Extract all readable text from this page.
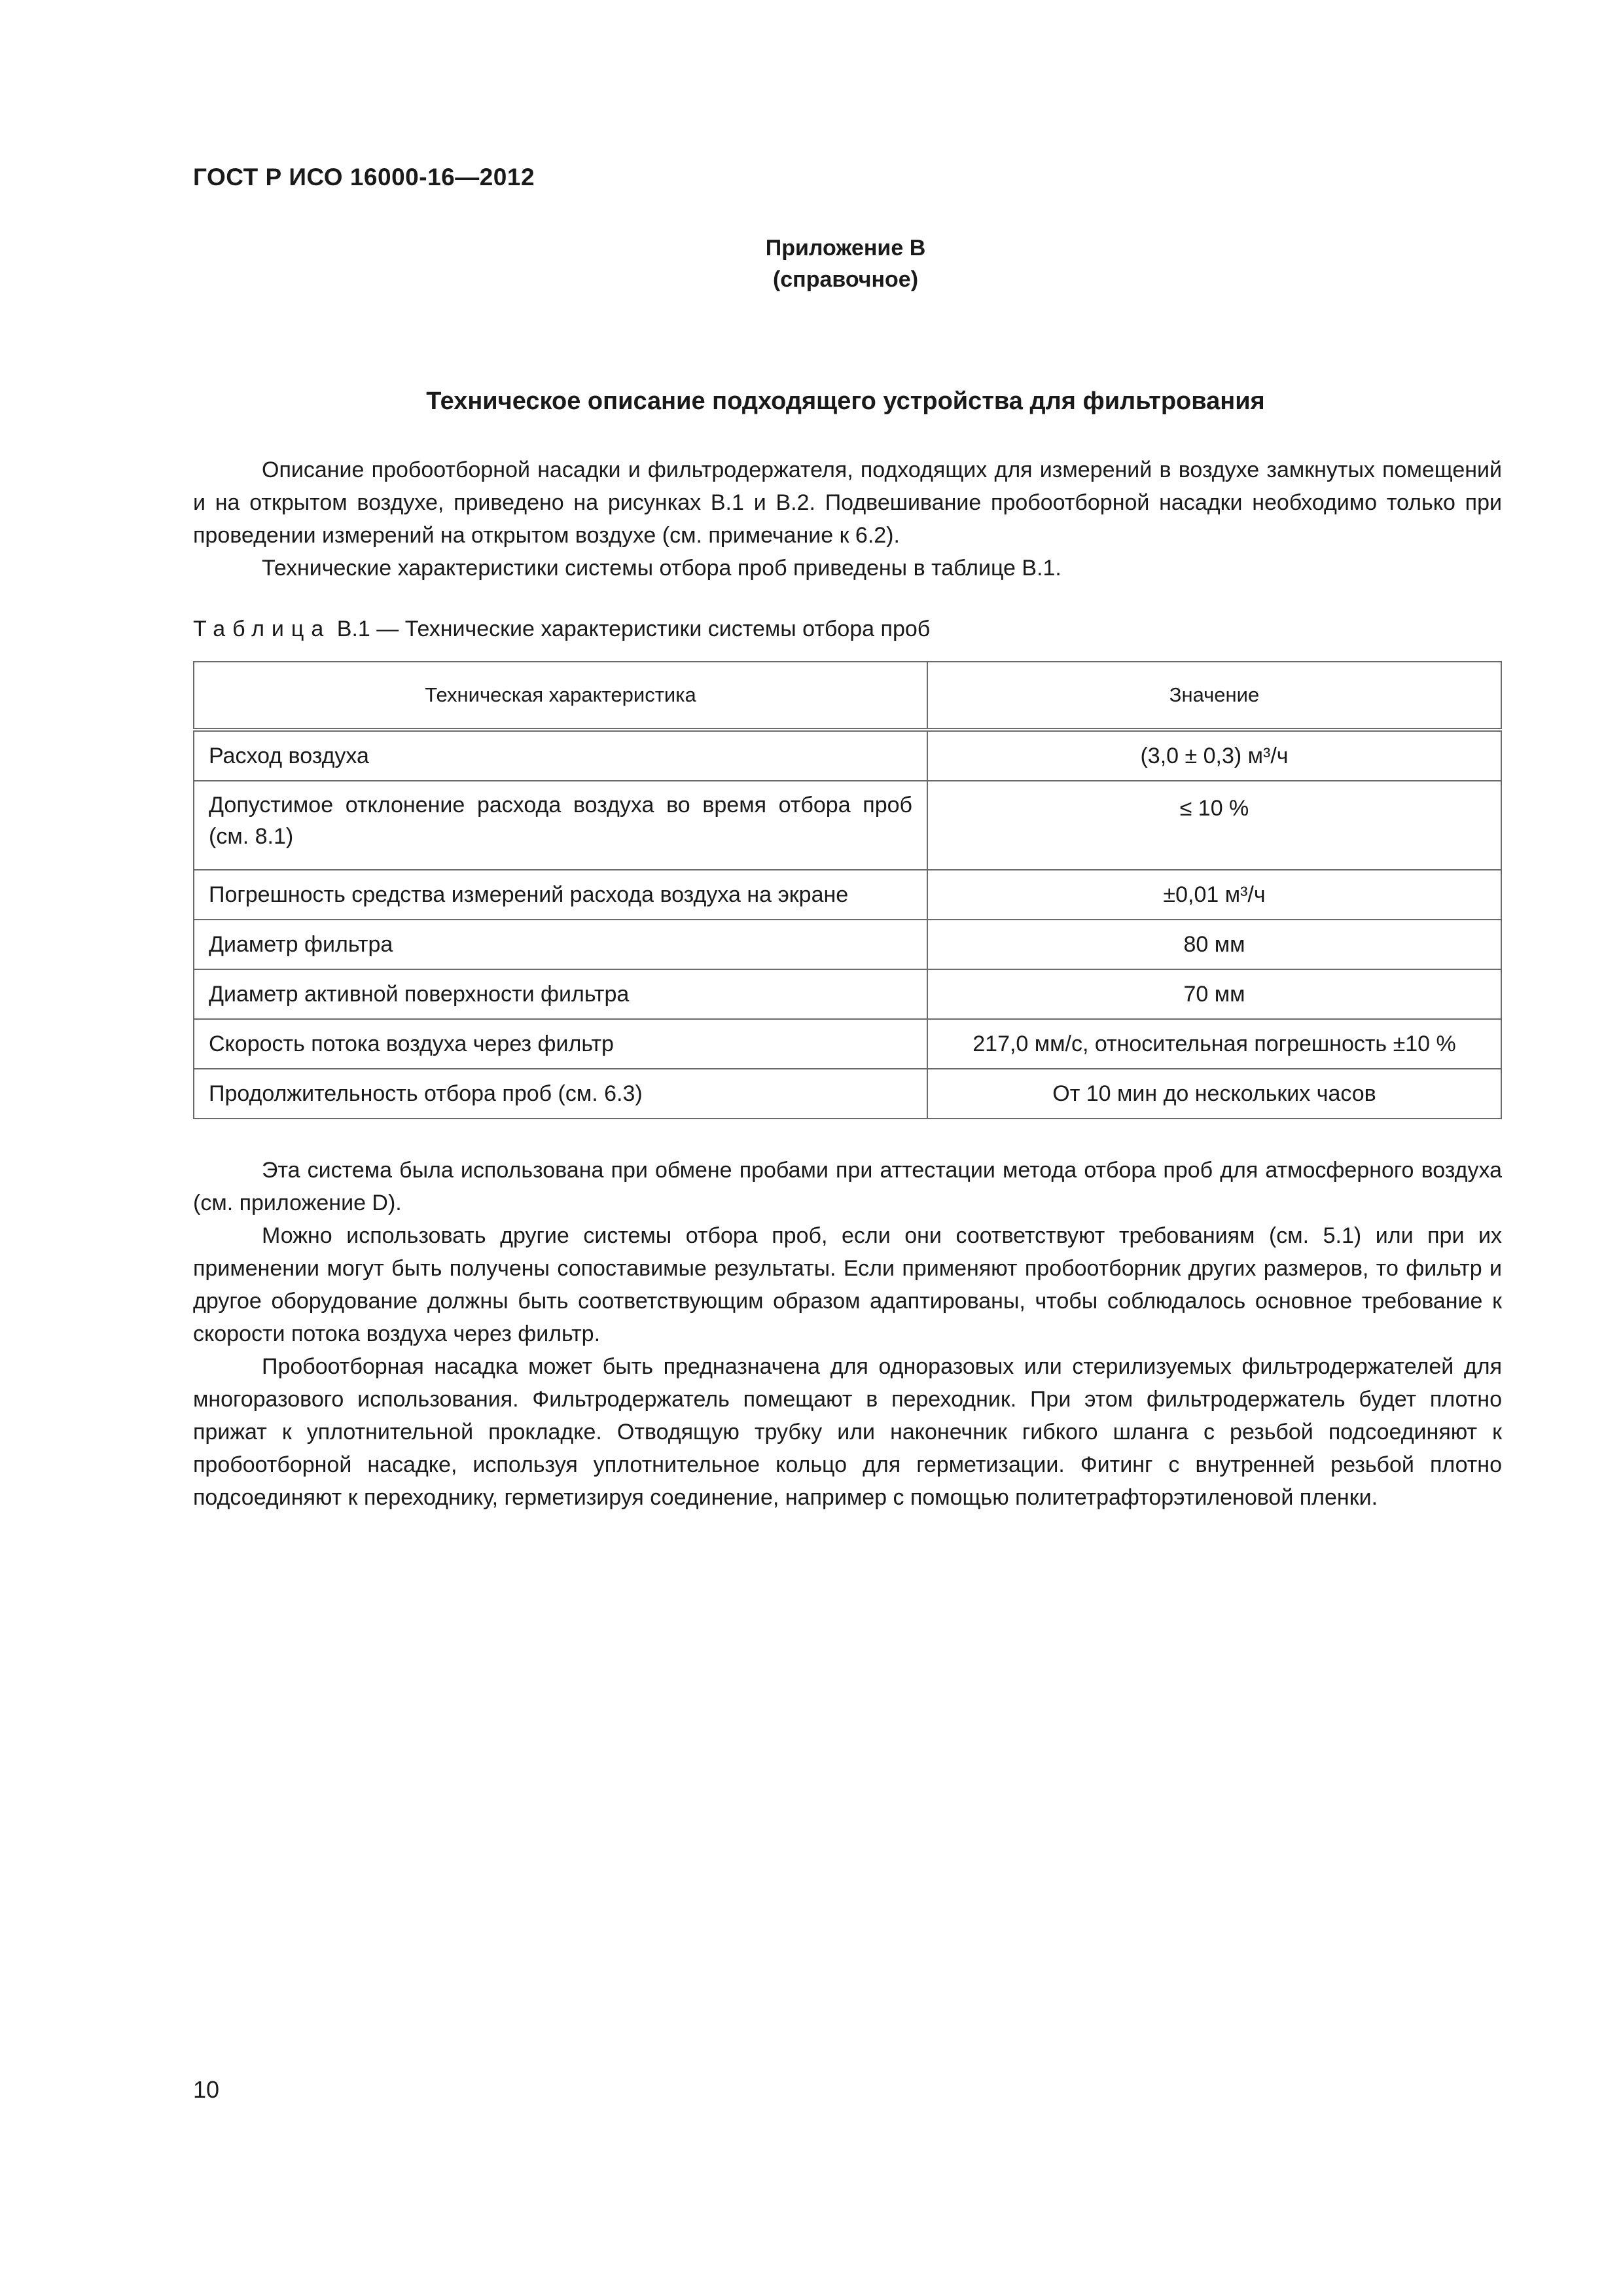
ГОСТ Р ИСО 16000-16—2012
Приложение В
(справочное)
Техническое описание подходящего устройства для фильтрования

Описание пробоотборной насадки и фильтродержателя, подходящих для измерений в воздухе замкнутых помещений и на открытом воздухе, приведено на рисунках В.1 и В.2. Подвешивание пробоотборной насадки необходимо только при проведении измерений на открытом воздухе (см. примечание к 6.2).

Технические характеристики системы отбора проб приведены в таблице В.1.

Таблица В.1 — Технические характеристики системы отбора проб
Техническая характеристика	Значение
Расход воздуха	(3,0 ± 0,3) м³/ч
Допустимое отклонение расхода воздуха во время отбора проб (см. 8.1)	≤ 10 %
Погрешность средства измерений расхода воздуха на экране	±0,01 м³/ч
Диаметр фильтра	80 мм
Диаметр активной поверхности фильтра	70 мм
Скорость потока воздуха через фильтр	217,0 мм/с, относительная погрешность ±10 %
Продолжительность отбора проб (см. 6.3)	От 10 мин до нескольких часов

Эта система была использована при обмене пробами при аттестации метода отбора проб для атмосферного воздуха (см. приложение D).

Можно использовать другие системы отбора проб, если они соответствуют требованиям (см. 5.1) или при их применении могут быть получены сопоставимые результаты. Если применяют пробоотборник других размеров, то фильтр и другое оборудование должны быть соответствующим образом адаптированы, чтобы соблюдалось основное требование к скорости потока воздуха через фильтр.

Пробоотборная насадка может быть предназначена для одноразовых или стерилизуемых фильтродержателей для многоразового использования. Фильтродержатель помещают в переходник. При этом фильтродержатель будет плотно прижат к уплотнительной прокладке. Отводящую трубку или наконечник гибкого шланга с резьбой подсоединяют к пробоотборной насадке, используя уплотнительное кольцо для герметизации. Фитинг с внутренней резьбой плотно подсоединяют к переходнику, герметизируя соединение, например с помощью политетрафторэтиленовой пленки.

10
